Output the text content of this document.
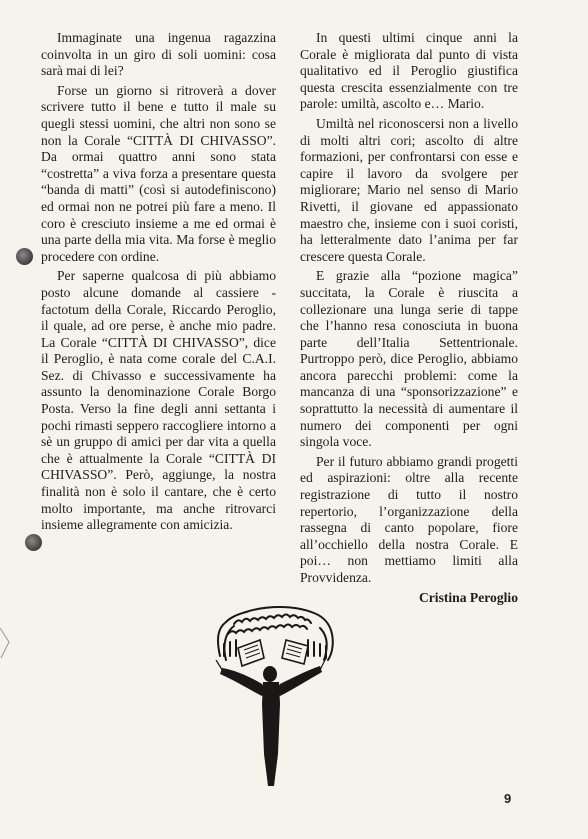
Immaginate una ingenua ragazzina coinvolta in un giro di soli uomini: cosa sarà mai di lei?

Forse un giorno si ritroverà a dover scrivere tutto il bene e tutto il male su quegli stessi uomini, che altri non sono se non la Corale “CITTÀ DI CHIVASSO”. Da ormai quattro anni sono stata “costretta” a viva forza a presentare questa “banda di matti” (così si autodefiniscono) ed ormai non ne potrei più fare a meno. Il coro è cresciuto insieme a me ed ormai è una parte della mia vita. Ma forse è meglio procedere con ordine.

Per saperne qualcosa di più abbiamo posto alcune domande al cassiere - factotum della Corale, Riccardo Peroglio, il quale, ad ore perse, è anche mio padre. La Corale “CITTÀ DI CHIVASSO”, dice il Peroglio, è nata come corale del C.A.I. Sez. di Chivasso e successivamente ha assunto la denominazione Corale Borgo Posta. Verso la fine degli anni settanta i pochi rimasti seppero raccogliere intorno a sè un gruppo di amici per dar vita a quella che è attualmente la Corale “CITTÀ DI CHIVASSO”. Però, aggiunge, la nostra finalità non è solo il cantare, che è certo molto importante, ma anche ritrovarci insieme allegramente con amicizia.

In questi ultimi cinque anni la Corale è migliorata dal punto di vista qualitativo ed il Peroglio giustifica questa crescita essenzialmente con tre parole: umiltà, ascolto e… Mario.

Umiltà nel riconoscersi non a livello di molti altri cori; ascolto di altre formazioni, per confrontarsi con esse e capire il lavoro da svolgere per migliorare; Mario nel senso di Mario Rivetti, il giovane ed appassionato maestro che, insieme con i suoi coristi, ha letteralmente dato l’anima per far crescere questa Corale.

E grazie alla “pozione magica” succitata, la Corale è riuscita a collezionare una lunga serie di tappe che l’hanno resa conosciuta in buona parte dell’Italia Settentrionale. Purtroppo però, dice Peroglio, abbiamo ancora parecchi problemi: come la mancanza di una “sponsorizzazione” e soprattutto la necessità di aumentare il numero dei componenti per ogni singola voce.

Per il futuro abbiamo grandi progetti ed aspirazioni: oltre alla recente registrazione di tutto il nostro repertorio, l’organizzazione della rassegna di canto popolare, fiore all’occhiello della nostra Corale. E poi… non mettiamo limiti alla Provvidenza.

Cristina Peroglio

9
